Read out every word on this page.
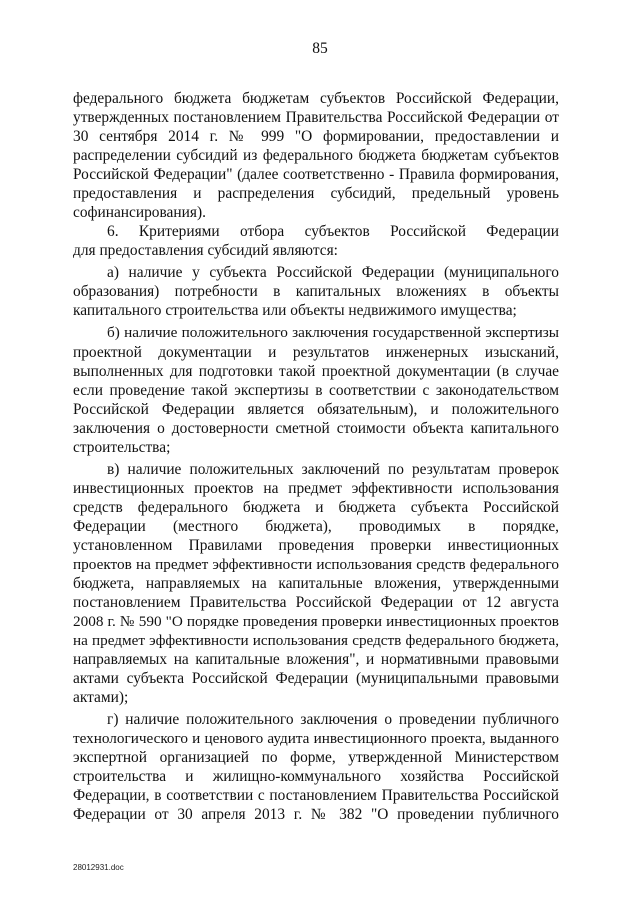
85
федерального бюджета бюджетам субъектов Российской Федерации,
утвержденных постановлением Правительства Российской Федерации от
30 сентября 2014 г. № 999 "О формировании, предоставлении и
распределении субсидий из федерального бюджета бюджетам субъектов
Российской Федерации" (далее соответственно - Правила формирования,
предоставления и распределения субсидий, предельный уровень
софинансирования).
6. Критериями отбора субъектов Российской Федерации
для предоставления субсидий являются:
а) наличие у субъекта Российской Федерации (муниципального
образования) потребности в капитальных вложениях в объекты
капитального строительства или объекты недвижимого имущества;
б) наличие положительного заключения государственной экспертизы
проектной документации и результатов инженерных изысканий,
выполненных для подготовки такой проектной документации (в случае
если проведение такой экспертизы в соответствии с законодательством
Российской Федерации является обязательным), и положительного
заключения о достоверности сметной стоимости объекта капитального
строительства;
в) наличие положительных заключений по результатам проверок
инвестиционных проектов на предмет эффективности использования
средств федерального бюджета и бюджета субъекта Российской
Федерации (местного бюджета), проводимых в порядке,
установленном Правилами проведения проверки инвестиционных
проектов на предмет эффективности использования средств федерального
бюджета, направляемых на капитальные вложения, утвержденными
постановлением Правительства Российской Федерации от 12 августа
2008 г. № 590 "О порядке проведения проверки инвестиционных проектов
на предмет эффективности использования средств федерального бюджета,
направляемых на капитальные вложения", и нормативными правовыми
актами субъекта Российской Федерации (муниципальными правовыми
актами);
г) наличие положительного заключения о проведении публичного
технологического и ценового аудита инвестиционного проекта, выданного
экспертной организацией по форме, утвержденной Министерством
строительства и жилищно-коммунального хозяйства Российской
Федерации, в соответствии с постановлением Правительства Российской
Федерации от 30 апреля 2013 г. № 382 "О проведении публичного
28012931.doc
